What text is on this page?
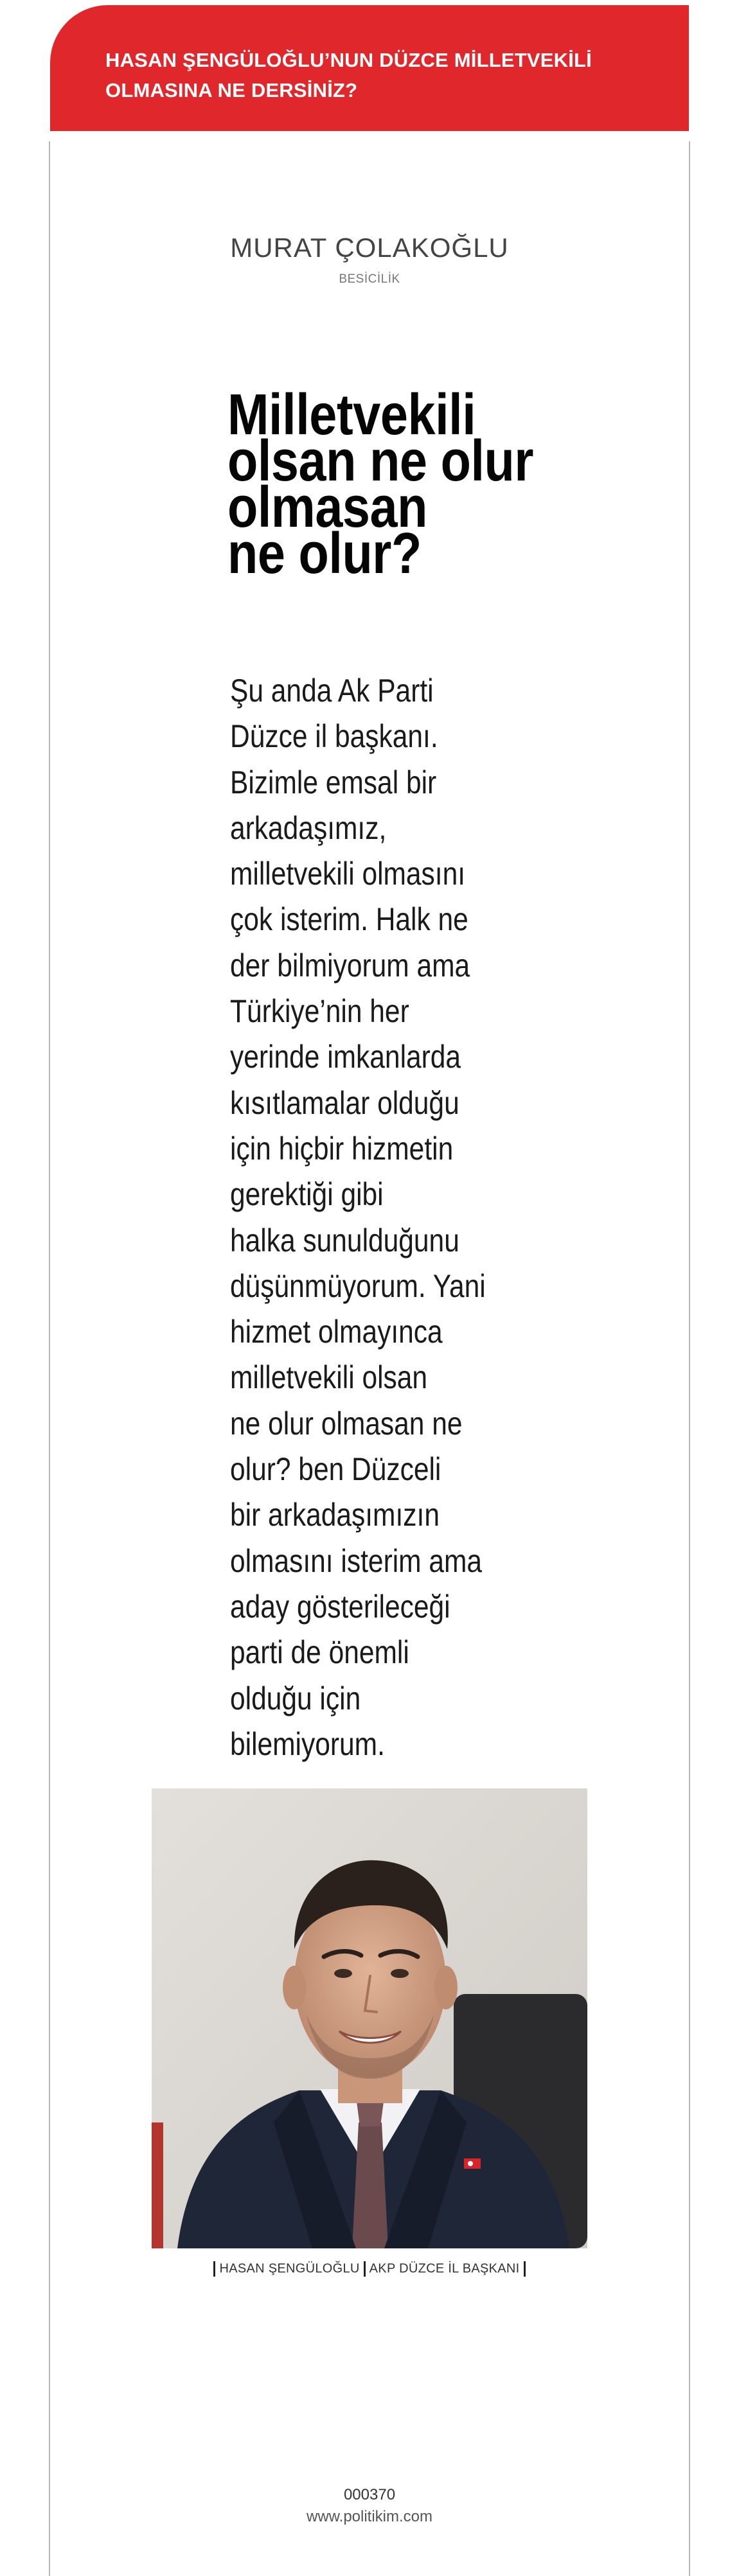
HASAN ŞENGÜLOĞLU’NUN DÜZCE MİLLETVEKİLİ
OLMASINA NE DERSİNİZ?
MURAT ÇOLAKOĞLU
BESİCİLİK
Milletvekili
olsan ne olur
olmasan
ne olur?
Şu anda Ak Parti
Düzce il başkanı.
Bizimle emsal bir
arkadaşımız,
milletvekili olmasını
çok isterim. Halk ne
der bilmiyorum ama
Türkiye’nin her
yerinde imkanlarda
kısıtlamalar olduğu
için hiçbir hizmetin
gerektiği gibi
halka sunulduğunu
düşünmüyorum. Yani
hizmet olmayınca
milletvekili olsan
ne olur olmasan ne
olur? ben Düzceli
bir arkadaşımızın
olmasını isterim ama
aday gösterileceği
parti de önemli
olduğu için
bilemiyorum.
HASAN ŞENGÜLOĞLU AKP DÜZCE İL BAŞKANI
000370
www.politikim.com
